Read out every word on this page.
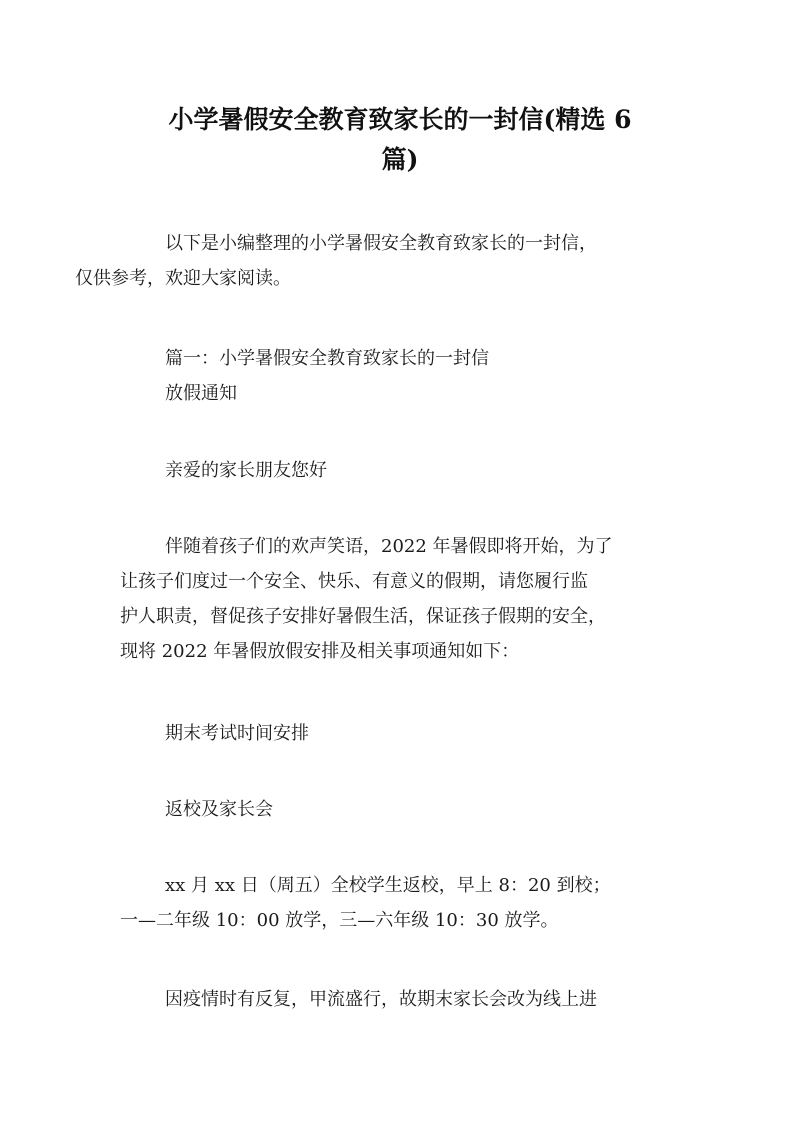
小学暑假安全教育致家长的一封信(精选 6
篇)

以下是小编整理的小学暑假安全教育致家长的一封信，
仅供参考，欢迎大家阅读。

篇一：小学暑假安全教育致家长的一封信
放假通知

亲爱的家长朋友您好

伴随着孩子们的欢声笑语，2022 年暑假即将开始，为了
让孩子们度过一个安全、快乐、有意义的假期，请您履行监
护人职责，督促孩子安排好暑假生活，保证孩子假期的安全，
现将 2022 年暑假放假安排及相关事项通知如下：

期末考试时间安排

返校及家长会

xx 月 xx 日（周五）全校学生返校，早上 8：20 到校；
一—二年级 10：00 放学，三—六年级 10：30 放学。

因疫情时有反复，甲流盛行，故期末家长会改为线上进
